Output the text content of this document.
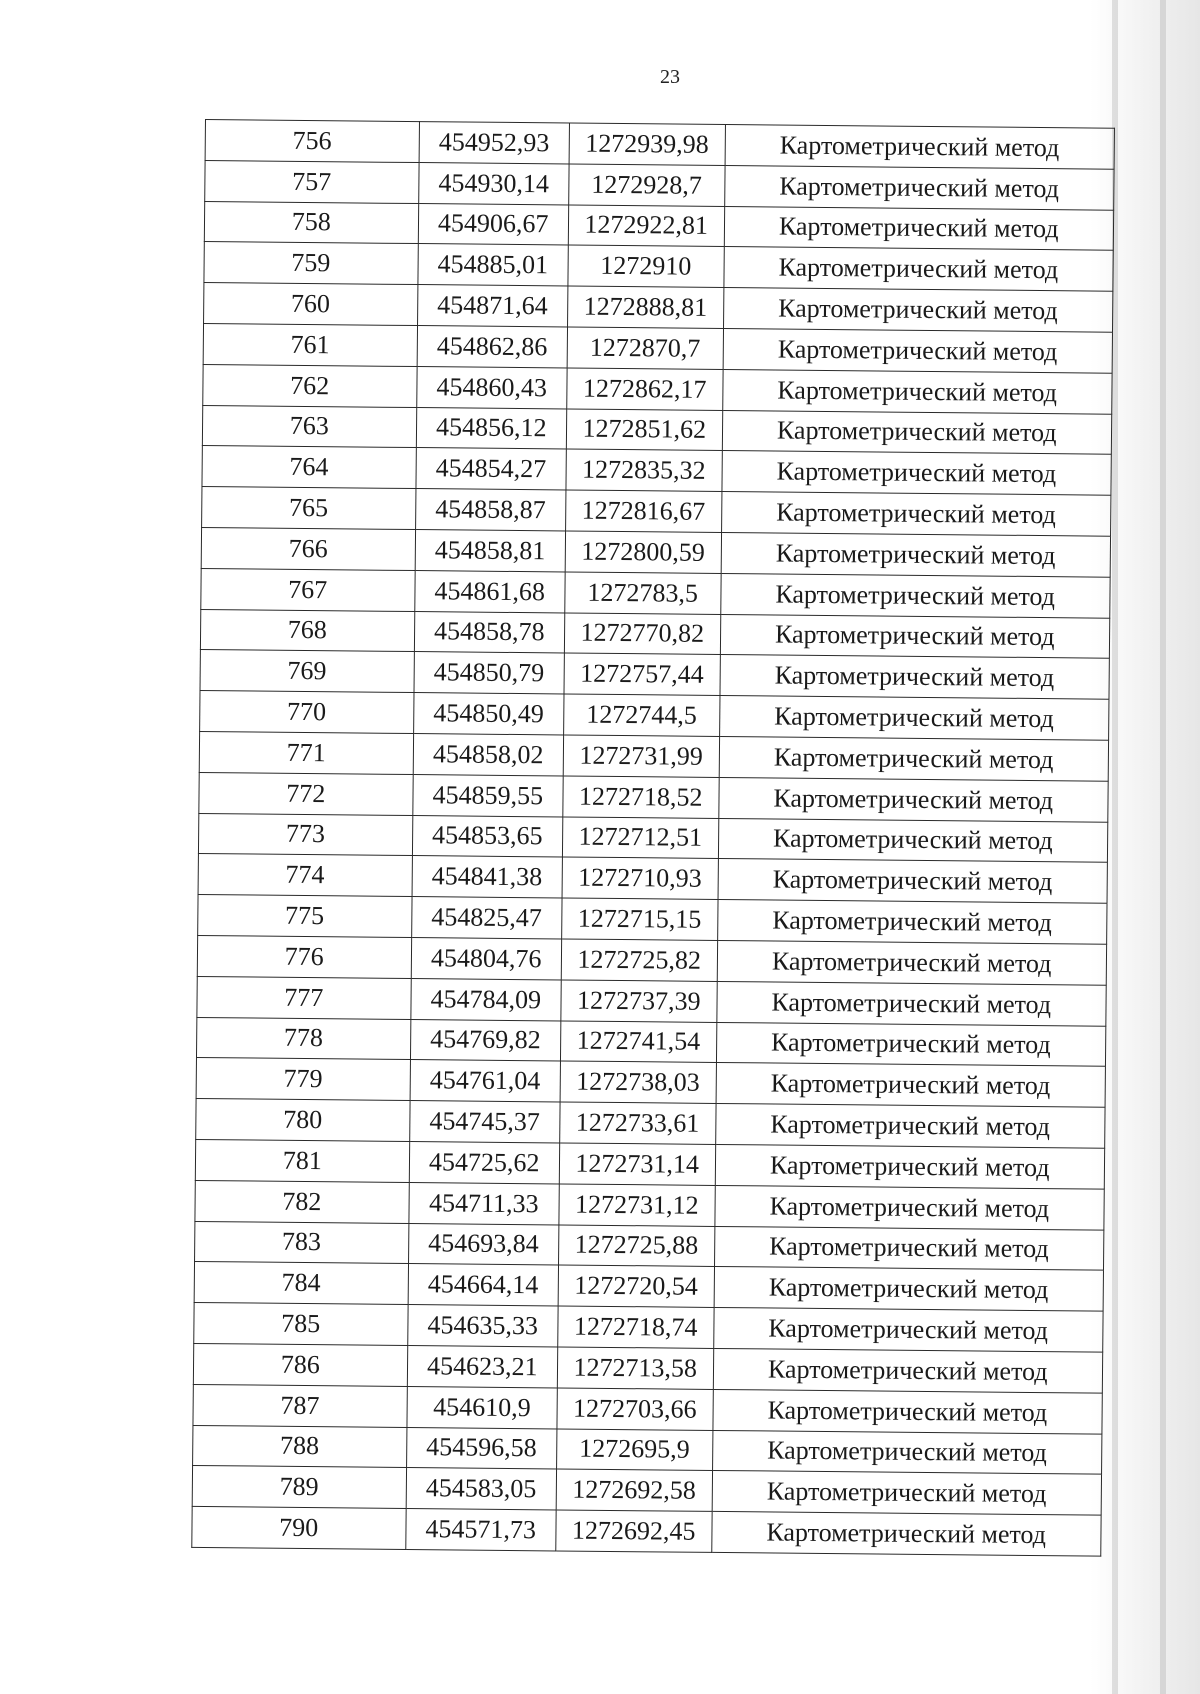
23
756	454952,93	1272939,98	Картометрический метод
757	454930,14	1272928,7	Картометрический метод
758	454906,67	1272922,81	Картометрический метод
759	454885,01	1272910	Картометрический метод
760	454871,64	1272888,81	Картометрический метод
761	454862,86	1272870,7	Картометрический метод
762	454860,43	1272862,17	Картометрический метод
763	454856,12	1272851,62	Картометрический метод
764	454854,27	1272835,32	Картометрический метод
765	454858,87	1272816,67	Картометрический метод
766	454858,81	1272800,59	Картометрический метод
767	454861,68	1272783,5	Картометрический метод
768	454858,78	1272770,82	Картометрический метод
769	454850,79	1272757,44	Картометрический метод
770	454850,49	1272744,5	Картометрический метод
771	454858,02	1272731,99	Картометрический метод
772	454859,55	1272718,52	Картометрический метод
773	454853,65	1272712,51	Картометрический метод
774	454841,38	1272710,93	Картометрический метод
775	454825,47	1272715,15	Картометрический метод
776	454804,76	1272725,82	Картометрический метод
777	454784,09	1272737,39	Картометрический метод
778	454769,82	1272741,54	Картометрический метод
779	454761,04	1272738,03	Картометрический метод
780	454745,37	1272733,61	Картометрический метод
781	454725,62	1272731,14	Картометрический метод
782	454711,33	1272731,12	Картометрический метод
783	454693,84	1272725,88	Картометрический метод
784	454664,14	1272720,54	Картометрический метод
785	454635,33	1272718,74	Картометрический метод
786	454623,21	1272713,58	Картометрический метод
787	454610,9	1272703,66	Картометрический метод
788	454596,58	1272695,9	Картометрический метод
789	454583,05	1272692,58	Картометрический метод
790	454571,73	1272692,45	Картометрический метод
